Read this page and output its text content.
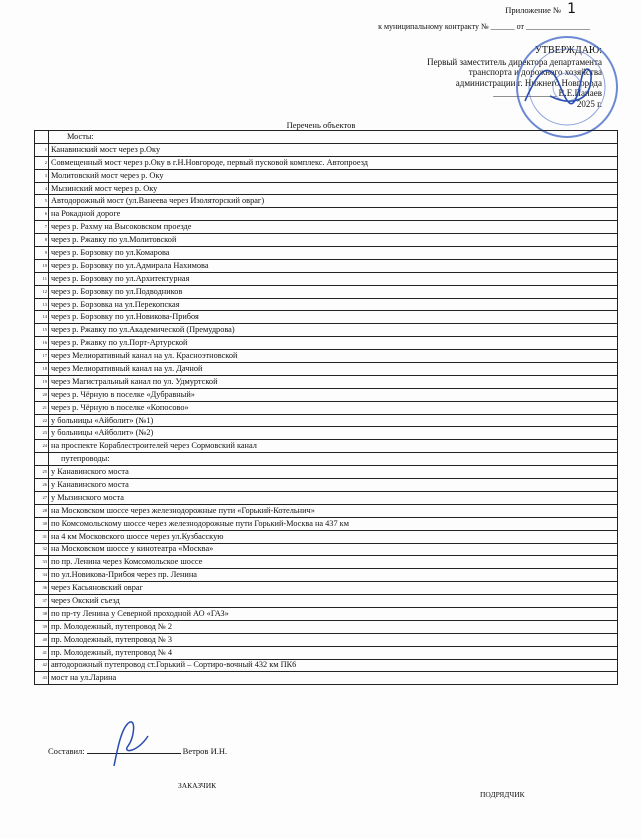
Приложение № 1
к муниципальному контракту № ______ от ________________
УТВЕРЖДАЮ:
Первый заместитель директора департамента
транспорта и дорожного хозяйства
администрации г. Нижнего Новгорода
______________ В.Е.Панаев
2025 г.
Перечень объектов
	Мосты:
1	Канавинский мост через р.Оку
2	Совмещенный мост через р.Оку в г.Н.Новгороде, первый пусковой комплекс. Автопроезд
3	Молитовский мост через р. Оку
4	Мызинский мост через р. Оку
5	Автодорожный мост (ул.Ванеева через Изоляторский овраг)
6	на Рокадной дороге
7	через р. Рахму на Высоковском проезде
8	через р. Ржавку по ул.Молитовской
9	через р. Борзовку по ул.Комарова
10	через р. Борзовку по ул.Адмирала Нахимова
11	через р. Борзовку по ул.Архитектурная
12	через р. Борзовку по ул.Подводников
13	через р. Борзовка на ул.Перекопская
14	через р. Борзовку по ул.Новикова-Прибоя
15	через р. Ржавку по ул.Академической (Премудрова)
16	через р. Ржавку по ул.Порт-Артурской
17	через Мелиоративный канал на ул. Красноэтновской
18	через Мелиоративный канал на ул. Дачной
19	через Магистральный канал по ул. Удмуртской
20	через р. Чёрную в поселке «Дубравный»
21	через р. Чёрную в поселке «Копосово»
22	у больницы «Айболит» (№1)
23	у больницы «Айболит» (№2)
24	на проспекте Кораблестроителей через Сормовский канал
	путепроводы:
25	у Канавинского моста
26	у Канавинского моста
27	у Мызинского моста
28	на Московском шоссе через железнодорожные пути «Горький-Котельнич»
30	по Комсомольскому шоссе через железнодорожные пути Горький-Москва на 437 км
31	на 4 км Московского шоссе через ул.Кузбасскую
32	на Московском шоссе у кинотеатра «Москва»
33	по пр. Ленина через Комсомольское шоссе
34	по ул.Новикова-Прибоя через пр. Ленина
36	через Касьяновский овраг
37	через Окский съезд
38	по пр-ту Ленина у Северной проходной АО «ГАЗ»
39	пр. Молодежный, путепровод № 2
40	пр. Молодежный, путепровод № 3
41	пр. Молодежный, путепровод № 4
42	автодорожный путепровод ст.Горький – Сортиро-вочный 432 км ПК6
43	мост на ул.Ларина
Составил:	Ветров И.Н.
ЗАКАЗЧИК
ПОДРЯДЧИК
